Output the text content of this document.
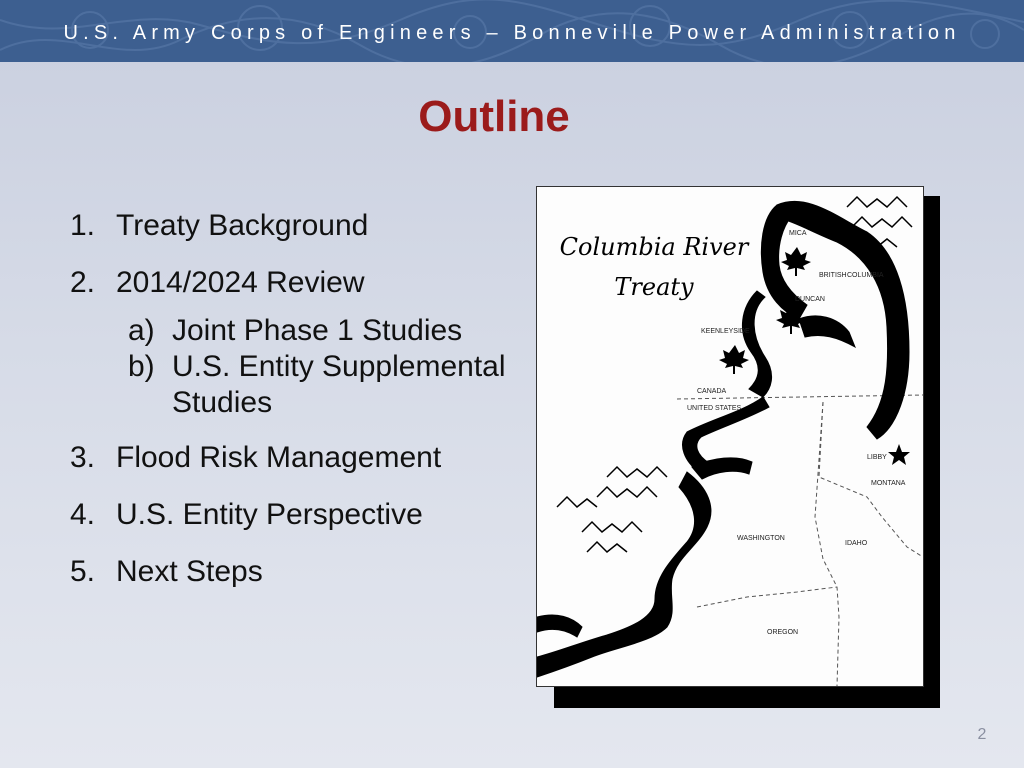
U.S. Army Corps of Engineers – Bonneville Power Administration
Outline
1. Treaty Background
2. 2014/2024 Review
a) Joint Phase 1 Studies
b) U.S. Entity Supplemental Studies
3. Flood Risk Management
4. U.S. Entity Perspective
5. Next Steps
MICA
BRITISH COLUMBIA
DUNCAN
KEENLEYSIDE
CANADA
UNITED STATES
LIBBY
MONTANA
WASHINGTON
IDAHO
OREGON
Columbia River
Treaty
2
